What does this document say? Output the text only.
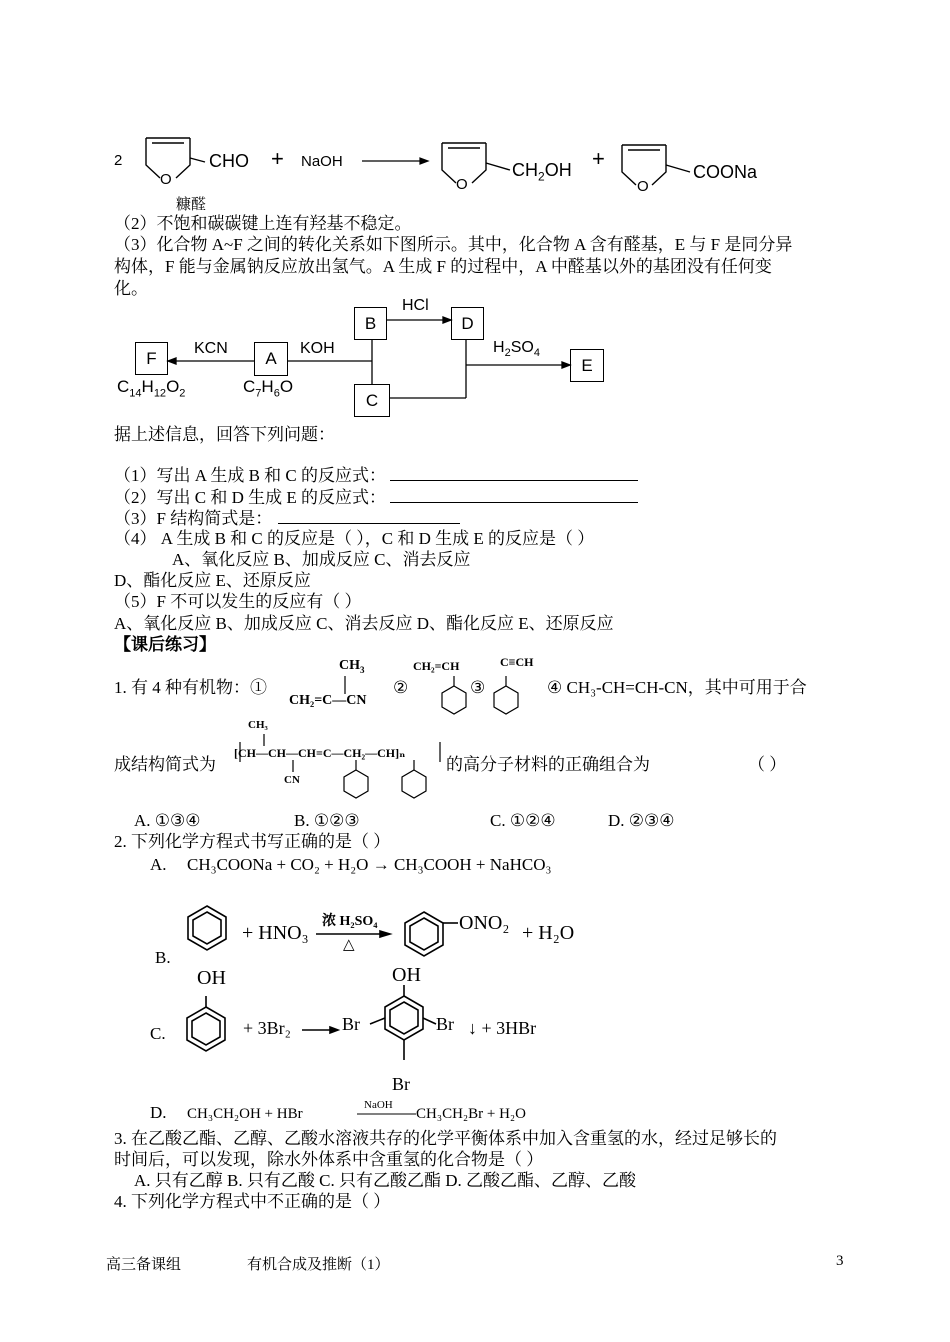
2
O	O	O
CHO + NaOH	$CH_2OH$ +
COONa
糠醛
（2）不饱和碳碳键上连有羟基不稳定。
（3）化合物 A~F 之间的转化关系如下图所示。其中，化合物 A 含有醛基，E 与 F 是同分异
构体，F 能与金属钠反应放出氢气。A 生成 F 的过程中，A 中醛基以外的基团没有任何变
化。
F	A
B
C
D
E
KCN	KOH
HCl
$H_2SO_4$
$C_{14}H_{12}O_2$	$C_7H_6O$
据上述信息，回答下列问题：
（1）写出 A 生成 B 和 C 的反应式：
（2）写出 C 和 D 生成 E 的反应式：
（3）F 结构简式是：
（4） A 生成 B 和 C 的反应是（ ），C 和 D 生成 E 的反应是（ ）
A、氧化反应 B、加成反应 C、消去反应
D、酯化反应 E、还原反应
（5）F 不可以发生的反应有（ ）
A、氧化反应 B、加成反应 C、消去反应 D、酯化反应 E、还原反应
【课后练习】
1. 有 4 种有机物：①
$CH_3$
CH₂=C—CN
②
CH₂=CH
③
C≡CH
④ CH₃-CH=CH-CN，其中可用于合
成结构简式为
CH₃
[CH—CH—CH=C—CH₂—CH]ₙ
CN
的高分子材料的正确组合为	（ ）
A. ①③④	B. ①②③	C. ①②④	D. ②③④
2. 下列化学方程式书写正确的是（ ）
A. CH₃COONa + CO₂ + H₂O → CH₃COOH + NaHCO₃
B.
+ HNO₃
浓 H₂SO₄
△
ONO₂ + H₂O
C.
OH
+ 3Br₂
OH
Br	Br
Br
↓ + 3HBr
D. CH₃CH₂OH + HBr
NaOH
CH₃CH₂Br + H₂O
3. 在乙酸乙酯、乙醇、乙酸水溶液共存的化学平衡体系中加入含重氢的水，经过足够长的
时间后，可以发现，除水外体系中含重氢的化合物是（ ）
A. 只有乙醇 B. 只有乙酸 C. 只有乙酸乙酯 D. 乙酸乙酯、乙醇、乙酸
4. 下列化学方程式中不正确的是（ ）
高三备课组	有机合成及推断（1）	3
